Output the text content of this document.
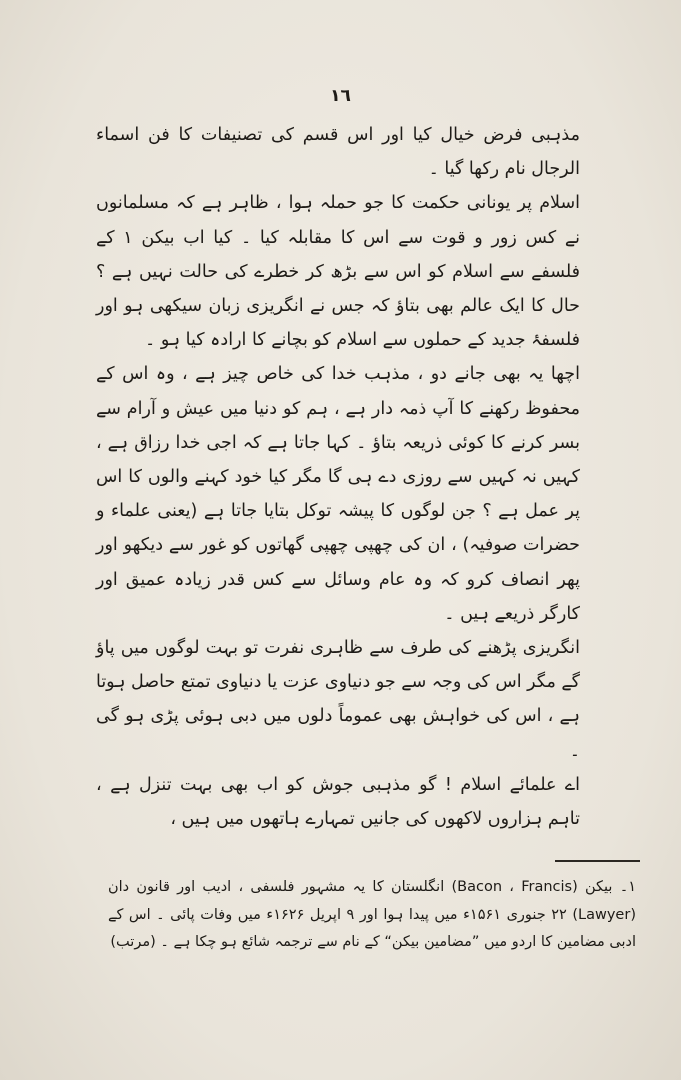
١٦

مذہبی فرض خیال کیا اور اس قسم کی تصنیفات کا فن اسماء الرجال نام رکھا گیا ۔

اسلام پر یونانی حکمت کا جو حملہ ہوا ، ظاہر ہے کہ مسلمانوں نے کس زور و قوت سے اس کا مقابلہ کیا ۔ کیا اب بیکن ۱ کے فلسفے سے اسلام کو اس سے بڑھ کر خطرے کی حالت نہیں ہے ؟ حال کا ایک عالم بھی بتاؤ کہ جس نے انگریزی زبان سیکھی ہو اور فلسفۂ جدید کے حملوں سے اسلام کو بچانے کا ارادہ کیا ہو ۔

اچھا یہ بھی جانے دو ، مذہب خدا کی خاص چیز ہے ، وہ اس کے محفوظ رکھنے کا آپ ذمہ دار ہے ، ہم کو دنیا میں عیش و آرام سے بسر کرنے کا کوئی ذریعہ بتاؤ ۔ کہا جاتا ہے کہ اجی خدا رزاق ہے ، کہیں نہ کہیں سے روزی دے ہی گا مگر کیا خود کہنے والوں کا اس پر عمل ہے ؟ جن لوگوں کا پیشہ توکل بتایا جاتا ہے (یعنی علماء و حضرات صوفیہ) ، ان کی چھپی چھپی گھاتوں کو غور سے دیکھو اور پھر انصاف کرو کہ وہ عام وسائل سے کس قدر زیادہ عمیق اور کارگر ذریعے ہیں ۔

انگریزی پڑھنے کی طرف سے ظاہری نفرت تو بہت لوگوں میں پاؤ گے مگر اس کی وجہ سے جو دنیاوی عزت یا دنیاوی تمتع حاصل ہوتا ہے ، اس کی خواہش بھی عموماً دلوں میں دبی ہوئی پڑی ہو گی ۔

اے علمائے اسلام ! گو مذہبی جوش کو اب بھی بہت تنزل ہے ، تاہم ہزاروں لاکھوں کی جانیں تمہارے ہاتھوں میں ہیں ،

۱۔ بیکن (Bacon ، Francis) انگلستان کا یہ مشہور فلسفی ، ادیب اور قانون دان (Lawyer) ۲۲ جنوری ۱۵۶۱ء میں پیدا ہوا اور ۹ اپریل ۱۶۲۶ء میں وفات پائی ۔ اس کے ادبی مضامین کا اردو میں ”مضامین بیکن“ کے نام سے ترجمہ شائع ہو چکا ہے ۔ (مرتب)
